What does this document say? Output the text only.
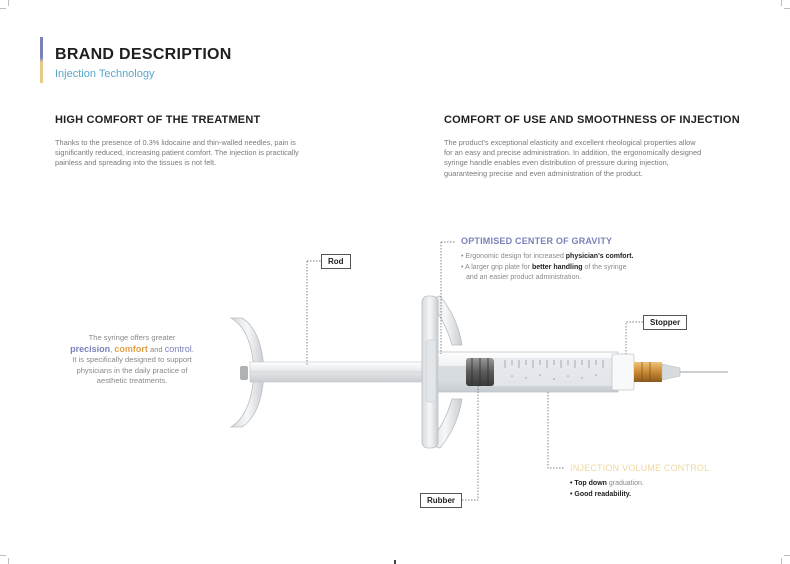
BRAND DESCRIPTION
Injection Technology
HIGH COMFORT OF THE TREATMENT
Thanks to the presence of 0.3% lidocaine and thin-walled needles, pain is
significantly reduced, increasing patient comfort. The injection is practically
painless and spreading into the tissues is not felt.
COMFORT OF USE AND SMOOTHNESS OF INJECTION
The product's exceptional elasticity and excellent rheological properties allow
for an easy and precise administration. In addition, the ergonomically designed
syringe handle enables even distribution of pressure during injection,
guaranteeing precise and even administration of the product.
Rod
Stopper
Rubber
OPTIMISED CENTER OF GRAVITY
• Ergonomic design for increased physician's comfort.
• A larger grip plate for better handling of the syringe
and an easier product administration.
INJECTION VOLUME CONTROL
• Top down graduation.
• Good readability.
The syringe offers greater
precision, comfort and control.
It is specifically designed to support
physicians in the daily practice of
aesthetic treatments.
